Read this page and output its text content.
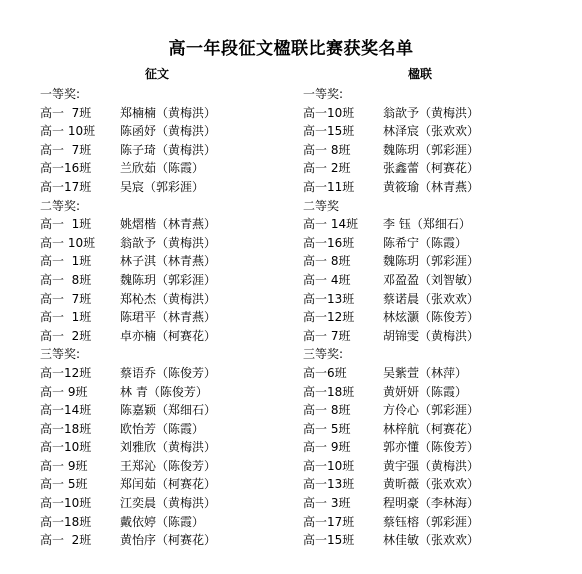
高一年段征文楹联比赛获奖名单
征文
一等奖:
高一  7班 郑楠楠（黄梅洪）
高一 10班 陈函妤（黄梅洪）
高一  7班 陈子琦（黄梅洪）
高一16班 兰欣茹（陈霞）
高一17班 吴宸（郭彩涯）
二等奖:
高一  1班 姚熠楷（林青燕）
高一 10班 翁歆予（黄梅洪）
高一  1班 林子淇（林青燕）
高一  8班 魏陈玥（郭彩涯）
高一  7班 郑杺杰（黄梅洪）
高一  1班 陈珺平（林青燕）
高一  2班 卓亦楠（柯赛花）
三等奖:
高一12班 蔡语乔（陈俊芳）
高一 9班	林 青（陈俊芳）
高一14班 陈嘉颖（郑细石）
高一18班 欧怡芳（陈霞）
高一10班 刘雅欣（黄梅洪）
高一 9班	王郑沁（陈俊芳）
高一 5班	郑闰茹（柯赛花）
高一10班 江奕晨（黄梅洪）
高一18班 戴依婷（陈霞）
高一  2班 黄怡序（柯赛花）
楹联
一等奖:
高一10班 翁歆予（黄梅洪）
高一15班 林泽宸（张欢欢）
高一 8班	魏陈玥（郭彩涯）
高一 2班	张鑫蕾（柯赛花）
高一11班 黄筱瑜（林青燕）
二等奖
高一 14班 李 钰（郑细石）
高一16班 陈希宁（陈霞）
高一 8班	魏陈玥（郭彩涯）
高一 4班	邓盈盈（刘智敏）
高一13班 蔡诺晨（张欢欢）
高一12班 林炫灏（陈俊芳）
高一 7班	胡锦雯（黄梅洪）
三等奖:
高一6班	吴紫萱（林萍）
高一18班 黄妍妍（陈霞）
高一 8班	方伶心（郭彩涯）
高一 5班	林梓航（柯赛花）
高一 9班	郭亦懂（陈俊芳）
高一10班 黄宇强（黄梅洪）
高一13班 黄昕薇（张欢欢）
高一 3班	程明豪（李林海）
高一17班 蔡钰榕（郭彩涯）
高一15班 林佳敏（张欢欢）
